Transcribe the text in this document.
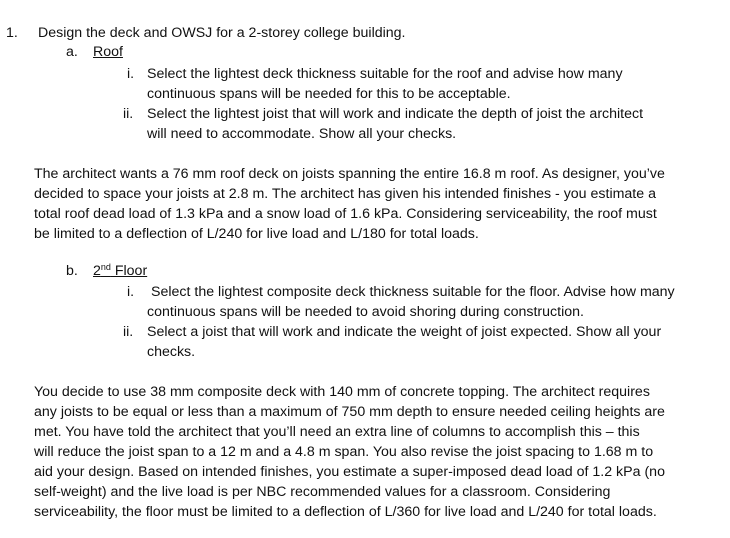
1. Design the deck and OWSJ for a 2-storey college building.
a. Roof
i. Select the lightest deck thickness suitable for the roof and advise how many
continuous spans will be needed for this to be acceptable.
ii. Select the lightest joist that will work and indicate the depth of joist the architect
will need to accommodate. Show all your checks.
The architect wants a 76 mm roof deck on joists spanning the entire 16.8 m roof. As designer, you’ve
decided to space your joists at 2.8 m. The architect has given his intended finishes - you estimate a
total roof dead load of 1.3 kPa and a snow load of 1.6 kPa. Considering serviceability, the roof must
be limited to a deflection of L/240 for live load and L/180 for total loads.
b. 2nd Floor
i. Select the lightest composite deck thickness suitable for the floor. Advise how many
continuous spans will be needed to avoid shoring during construction.
ii. Select a joist that will work and indicate the weight of joist expected. Show all your
checks.
You decide to use 38 mm composite deck with 140 mm of concrete topping. The architect requires
any joists to be equal or less than a maximum of 750 mm depth to ensure needed ceiling heights are
met. You have told the architect that you’ll need an extra line of columns to accomplish this – this
will reduce the joist span to a 12 m and a 4.8 m span. You also revise the joist spacing to 1.68 m to
aid your design. Based on intended finishes, you estimate a super-imposed dead load of 1.2 kPa (no
self-weight) and the live load is per NBC recommended values for a classroom. Considering
serviceability, the floor must be limited to a deflection of L/360 for live load and L/240 for total loads.
